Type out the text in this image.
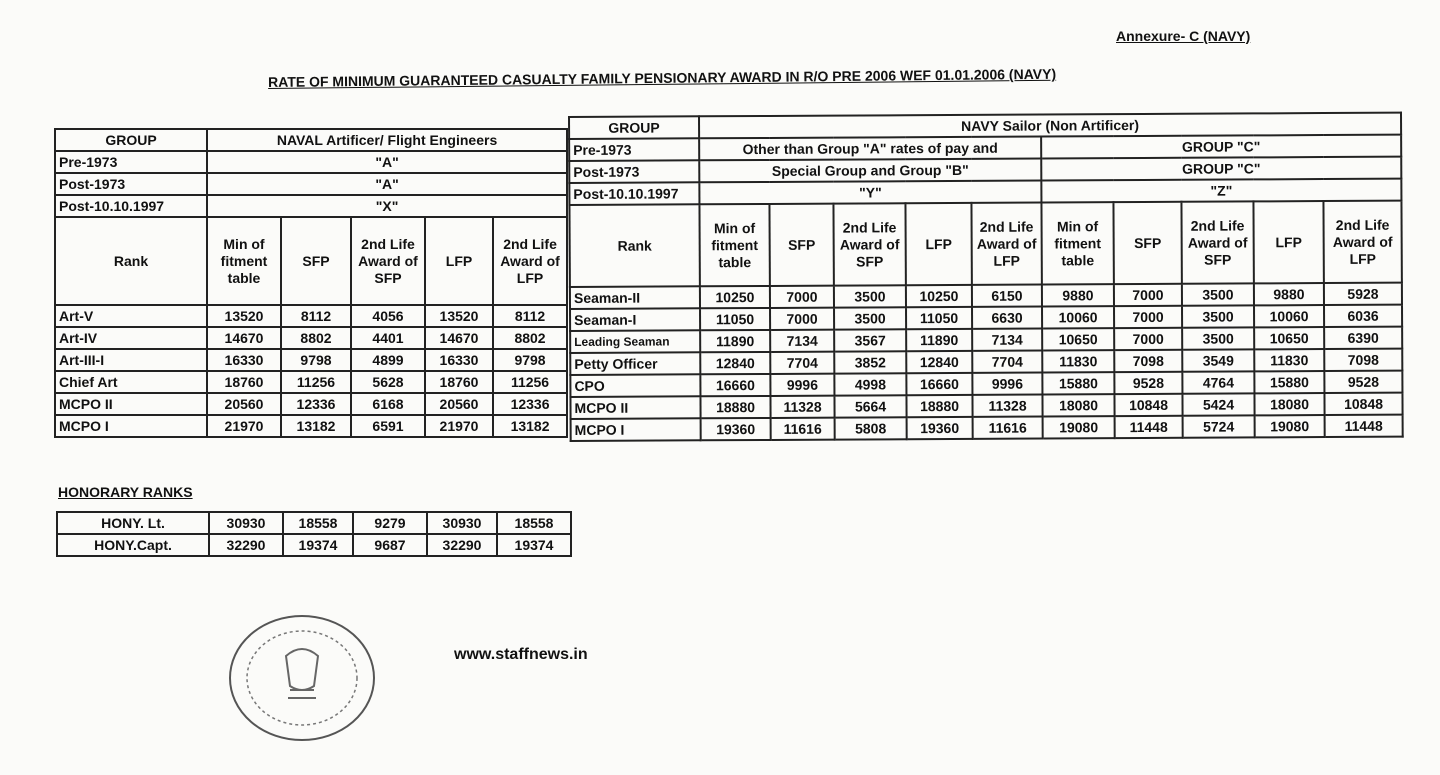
Annexure- C (NAVY)
RATE OF MINIMUM GUARANTEED CASUALTY FAMILY PENSIONARY AWARD IN R/O PRE 2006 WEF 01.01.2006 (NAVY)
GROUP	NAVAL Artificer/ Flight Engineers				
Pre-1973	"A"				
Post-1973	"A"				
Post-10.10.1997	"X"				
Rank	Min of fitment table	SFP	2nd Life Award of SFP	LFP	2nd Life Award of LFP
Art-V	13520	8112	4056	13520	8112
Art-IV	14670	8802	4401	14670	8802
Art-III-I	16330	9798	4899	16330	9798
Chief Art	18760	11256	5628	18760	11256
MCPO II	20560	12336	6168	20560	12336
MCPO I	21970	13182	6591	21970	13182
GROUP	NAVY Sailor (Non Artificer)									
Pre-1973	Other than Group "A" rates of pay and					GROUP "C"				
Post-1973	Special Group and Group "B"					GROUP "C"				
Post-10.10.1997	"Y"					"Z"				
Rank	Min of fitment table	SFP	2nd Life Award of SFP	LFP	2nd Life Award of LFP	Min of fitment table	SFP	2nd Life Award of SFP	LFP	2nd Life Award of LFP
Seaman-II	10250	7000	3500	10250	6150	9880	7000	3500	9880	5928
Seaman-I	11050	7000	3500	11050	6630	10060	7000	3500	10060	6036
Leading Seaman	11890	7134	3567	11890	7134	10650	7000	3500	10650	6390
Petty Officer	12840	7704	3852	12840	7704	11830	7098	3549	11830	7098
CPO	16660	9996	4998	16660	9996	15880	9528	4764	15880	9528
MCPO II	18880	11328	5664	18880	11328	18080	10848	5424	18080	10848
MCPO I	19360	11616	5808	19360	11616	19080	11448	5724	19080	11448
HONORARY RANKS
HONY. Lt.	30930	18558	9279	30930	18558
HONY.Capt.	32290	19374	9687	32290	19374
www.staffnews.in
